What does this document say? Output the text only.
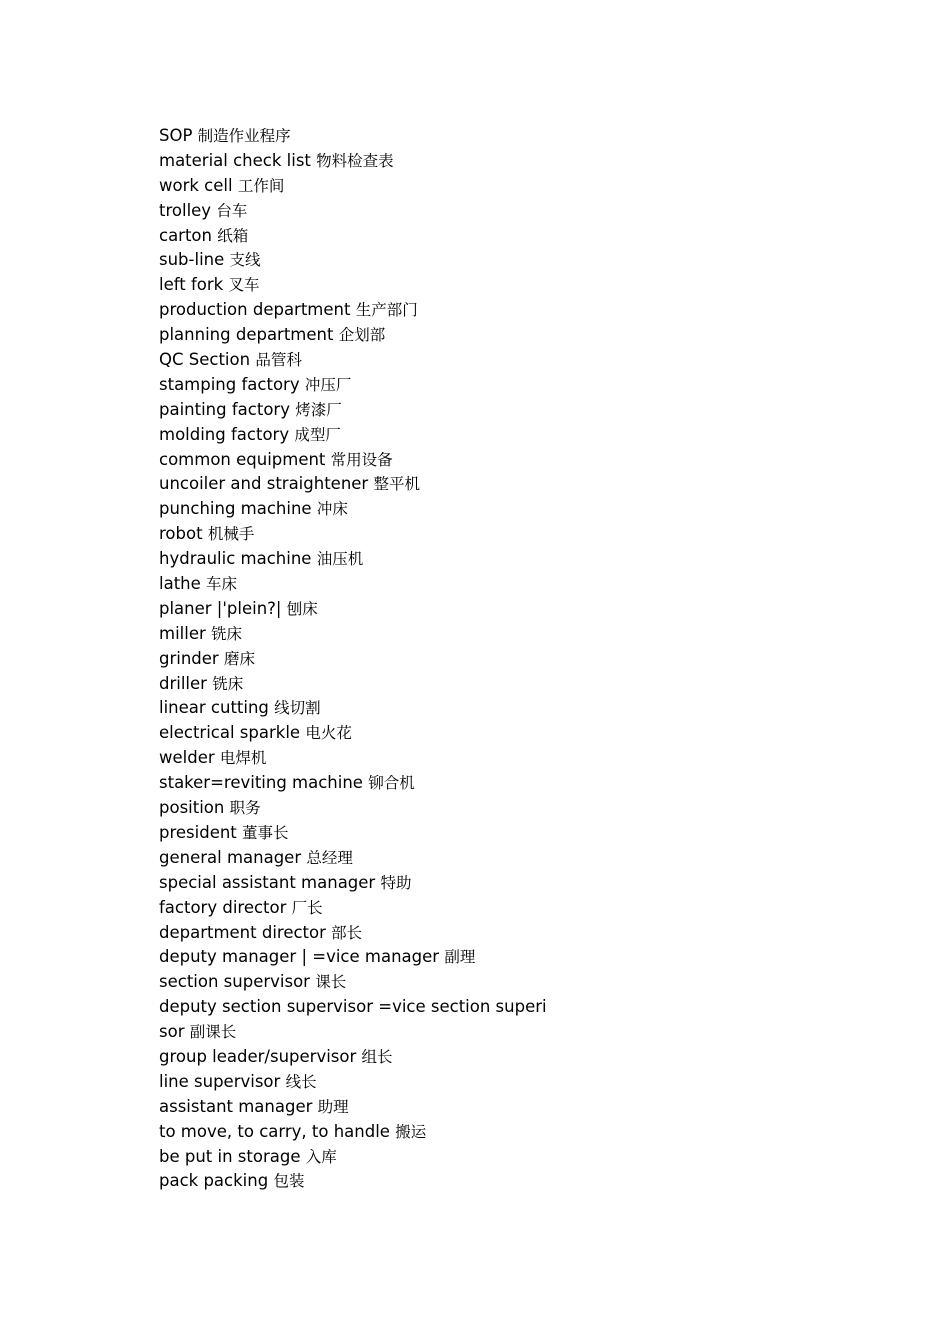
SOP 制造作业程序
material check list 物料检查表
work cell 工作间
trolley 台车
carton 纸箱
sub-line 支线
left fork 叉车
production department 生产部门
planning department 企划部
QC Section 品管科
stamping factory 冲压厂
painting factory 烤漆厂
molding factory 成型厂
common equipment 常用设备
uncoiler and straightener 整平机
punching machine 冲床
robot 机械手
hydraulic machine 油压机
lathe 车床
planer |'plein?| 刨床
miller 铣床
grinder 磨床
driller 铣床
linear cutting 线切割
electrical sparkle 电火花
welder 电焊机
staker=reviting machine 铆合机
position 职务
president 董事长
general manager 总经理
special assistant manager 特助
factory director 厂长
department director 部长
deputy manager | =vice manager 副理
section supervisor 课长
deputy section supervisor =vice section superi
sor 副课长
group leader/supervisor 组长
line supervisor 线长
assistant manager 助理
to move, to carry, to handle 搬运
be put in storage 入库
pack packing 包装
